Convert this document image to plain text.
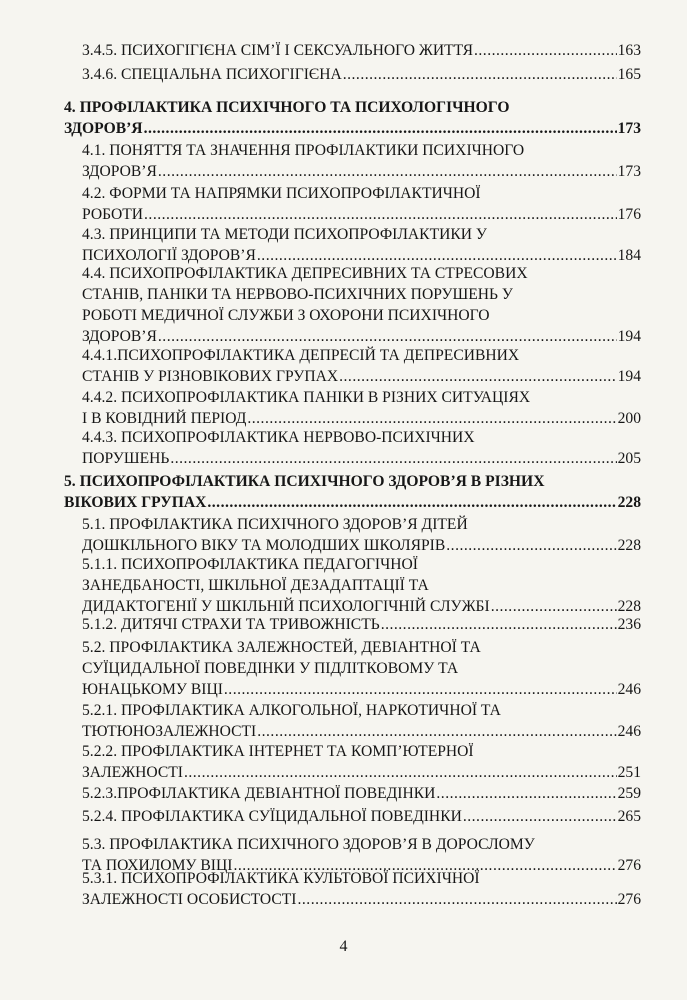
3.4.5. ПСИХОГІГІЄНА СІМ’Ї І СЕКСУАЛЬНОГО ЖИТТЯ .....	163
3.4.6. СПЕЦІАЛЬНА ПСИХОГІГІЄНА .....	165
4. ПРОФІЛАКТИКА ПСИХІЧНОГО ТА ПСИХОЛОГІЧНОГО
ЗДОРОВ’Я .....	173
4.1. ПОНЯТТЯ ТА ЗНАЧЕННЯ ПРОФІЛАКТИКИ ПСИХІЧНОГО
ЗДОРОВ’Я .....	173
4.2. ФОРМИ ТА НАПРЯМКИ ПСИХОПРОФІЛАКТИЧНОЇ
РОБОТИ .....	176
4.3. ПРИНЦИПИ ТА МЕТОДИ ПСИХОПРОФІЛАКТИКИ У
ПСИХОЛОГІЇ ЗДОРОВ’Я .....	184
4.4. ПСИХОПРОФІЛАКТИКА ДЕПРЕСИВНИХ ТА СТРЕСОВИХ
СТАНІВ, ПАНІКИ ТА НЕРВОВО-ПСИХІЧНИХ ПОРУШЕНЬ У
РОБОТІ МЕДИЧНОЇ СЛУЖБИ З ОХОРОНИ ПСИХІЧНОГО
ЗДОРОВ’Я .....	194
4.4.1.ПСИХОПРОФІЛАКТИКА ДЕПРЕСІЙ ТА ДЕПРЕСИВНИХ
СТАНІВ У РІЗНОВІКОВИХ ГРУПАХ .....	194
4.4.2. ПСИХОПРОФІЛАКТИКА ПАНІКИ В РІЗНИХ СИТУАЦІЯХ
І В КОВІДНИЙ ПЕРІОД .....	200
4.4.3. ПСИХОПРОФІЛАКТИКА НЕРВОВО-ПСИХІЧНИХ
ПОРУШЕНЬ .....	205
5. ПСИХОПРОФІЛАКТИКА ПСИХІЧНОГО ЗДОРОВ’Я В РІЗНИХ
ВІКОВИХ ГРУПАХ .....	228
5.1. ПРОФІЛАКТИКА ПСИХІЧНОГО ЗДОРОВ’Я ДІТЕЙ
ДОШКІЛЬНОГО ВІКУ ТА МОЛОДШИХ ШКОЛЯРІВ .....	228
5.1.1. ПСИХОПРОФІЛАКТИКА ПЕДАГОГІЧНОЇ
ЗАНЕДБАНОСТІ, ШКІЛЬНОЇ ДЕЗАДАПТАЦІЇ ТА
ДИДАКТОГЕНІЇ У ШКІЛЬНІЙ ПСИХОЛОГІЧНІЙ СЛУЖБІ .....	228
5.1.2. ДИТЯЧІ СТРАХИ ТА ТРИВОЖНІСТЬ .....	236
5.2. ПРОФІЛАКТИКА ЗАЛЕЖНОСТЕЙ, ДЕВІАНТНОЇ ТА
СУЇЦИДАЛЬНОЇ ПОВЕДІНКИ У ПІДЛІТКОВОМУ ТА
ЮНАЦЬКОМУ ВІЦІ .....	246
5.2.1. ПРОФІЛАКТИКА АЛКОГОЛЬНОЇ, НАРКОТИЧНОЇ ТА
ТЮТЮНОЗАЛЕЖНОСТІ .....	246
5.2.2. ПРОФІЛАКТИКА ІНТЕРНЕТ ТА КОМП’ЮТЕРНОЇ
ЗАЛЕЖНОСТІ .....	251
5.2.3.ПРОФІЛАКТИКА ДЕВІАНТНОЇ ПОВЕДІНКИ .....	259
5.2.4. ПРОФІЛАКТИКА СУЇЦИДАЛЬНОЇ ПОВЕДІНКИ .....	265
5.3. ПРОФІЛАКТИКА ПСИХІЧНОГО ЗДОРОВ’Я В ДОРОСЛОМУ
ТА ПОХИЛОМУ ВІЦІ .....	276
5.3.1. ПСИХОПРОФІЛАКТИКА КУЛЬТОВОЇ ПСИХІЧНОЇ
ЗАЛЕЖНОСТІ ОСОБИСТОСТІ .....	276
4
